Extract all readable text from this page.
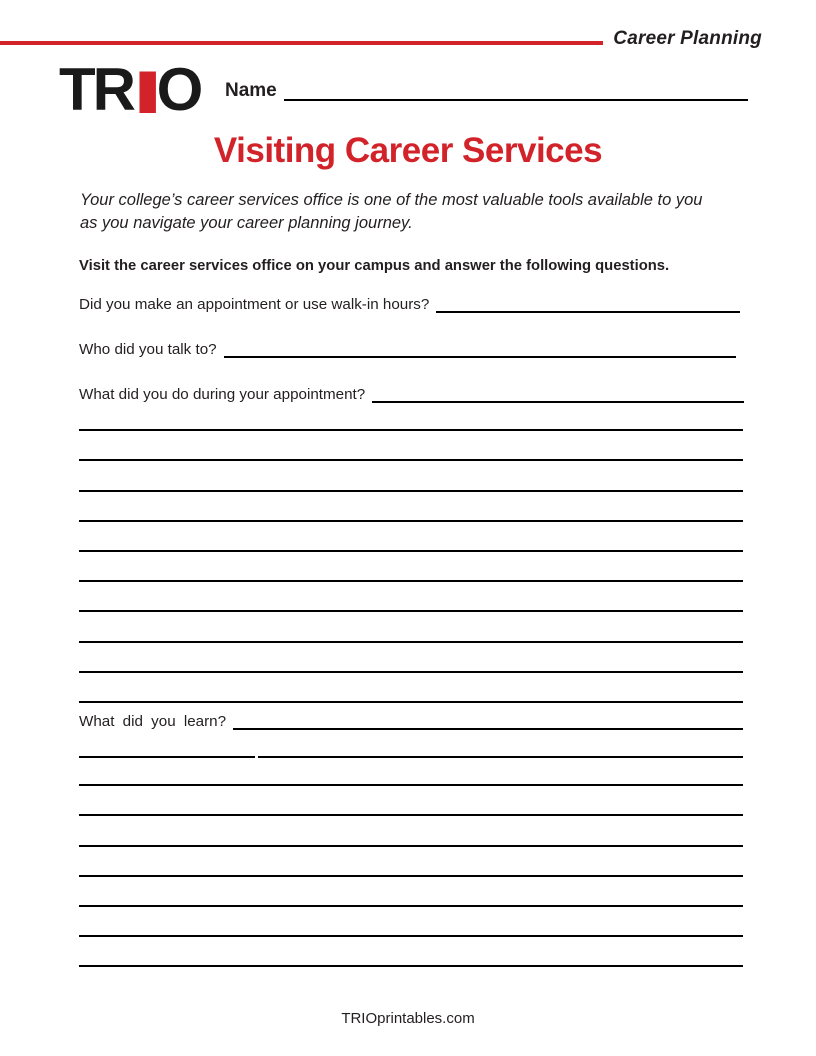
Career Planning
TRIO Name
Visiting Career Services
Your college’s career services office is one of the most valuable tools available to you as you navigate your career planning journey.
Visit the career services office on your campus and answer the following questions.
Did you make an appointment or use walk-in hours?
Who did you talk to?
What did you do during your appointment?
What did you learn?
TRIOprintables.com
